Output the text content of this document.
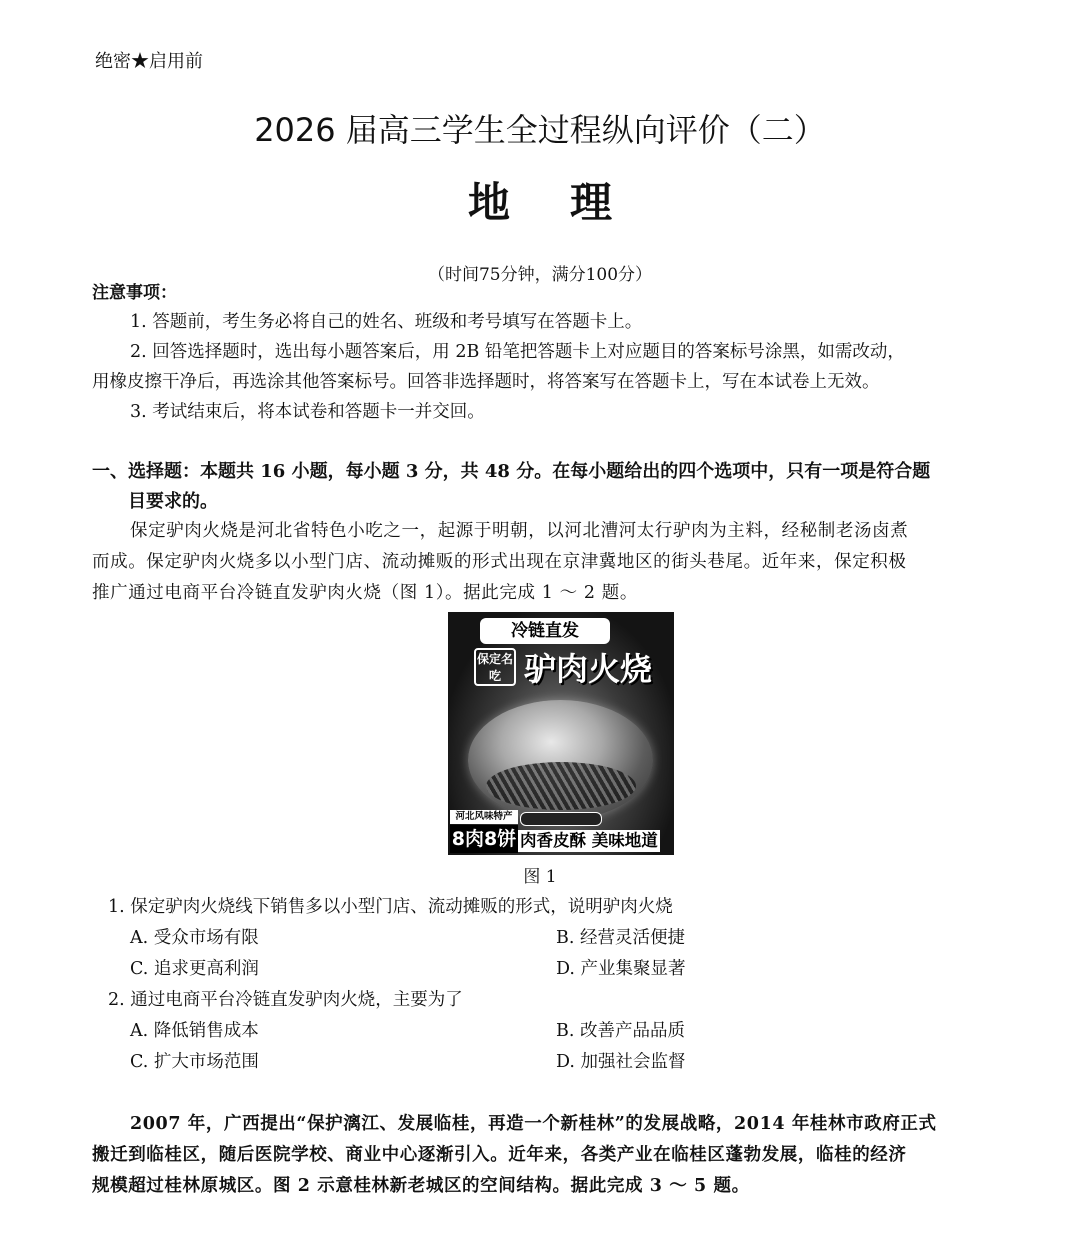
绝密★启用前
2026 届高三学生全过程纵向评价（二）
地理
（时间75分钟，满分100分）
注意事项：
1. 答题前，考生务必将自己的姓名、班级和考号填写在答题卡上。
2. 回答选择题时，选出每小题答案后，用 2B 铅笔把答题卡上对应题目的答案标号涂黑，如需改动，
用橡皮擦干净后，再选涂其他答案标号。回答非选择题时，将答案写在答题卡上，写在本试卷上无效。
3. 考试结束后，将本试卷和答题卡一并交回。
一、选择题：本题共 16 小题，每小题 3 分，共 48 分。在每小题给出的四个选项中，只有一项是符合题
目要求的。
保定驴肉火烧是河北省特色小吃之一，起源于明朝，以河北漕河太行驴肉为主料，经秘制老汤卤煮
而成。保定驴肉火烧多以小型门店、流动摊贩的形式出现在京津冀地区的街头巷尾。近年来，保定积极
推广通过电商平台冷链直发驴肉火烧（图 1）。据此完成 1 ～ 2 题。
冷链直发
保定名吃 驴肉火烧
河北风味特产
8肉8饼 肉香皮酥 美味地道
图 1
1. 保定驴肉火烧线下销售多以小型门店、流动摊贩的形式，说明驴肉火烧
A. 受众市场有限	B. 经营灵活便捷
C. 追求更高利润	D. 产业集聚显著
2. 通过电商平台冷链直发驴肉火烧，主要为了
A. 降低销售成本	B. 改善产品品质
C. 扩大市场范围	D. 加强社会监督
2007 年，广西提出“保护漓江、发展临桂，再造一个新桂林”的发展战略，2014 年桂林市政府正式
搬迁到临桂区，随后医院学校、商业中心逐渐引入。近年来，各类产业在临桂区蓬勃发展，临桂的经济
规模超过桂林原城区。图 2 示意桂林新老城区的空间结构。据此完成 3 ～ 5 题。
